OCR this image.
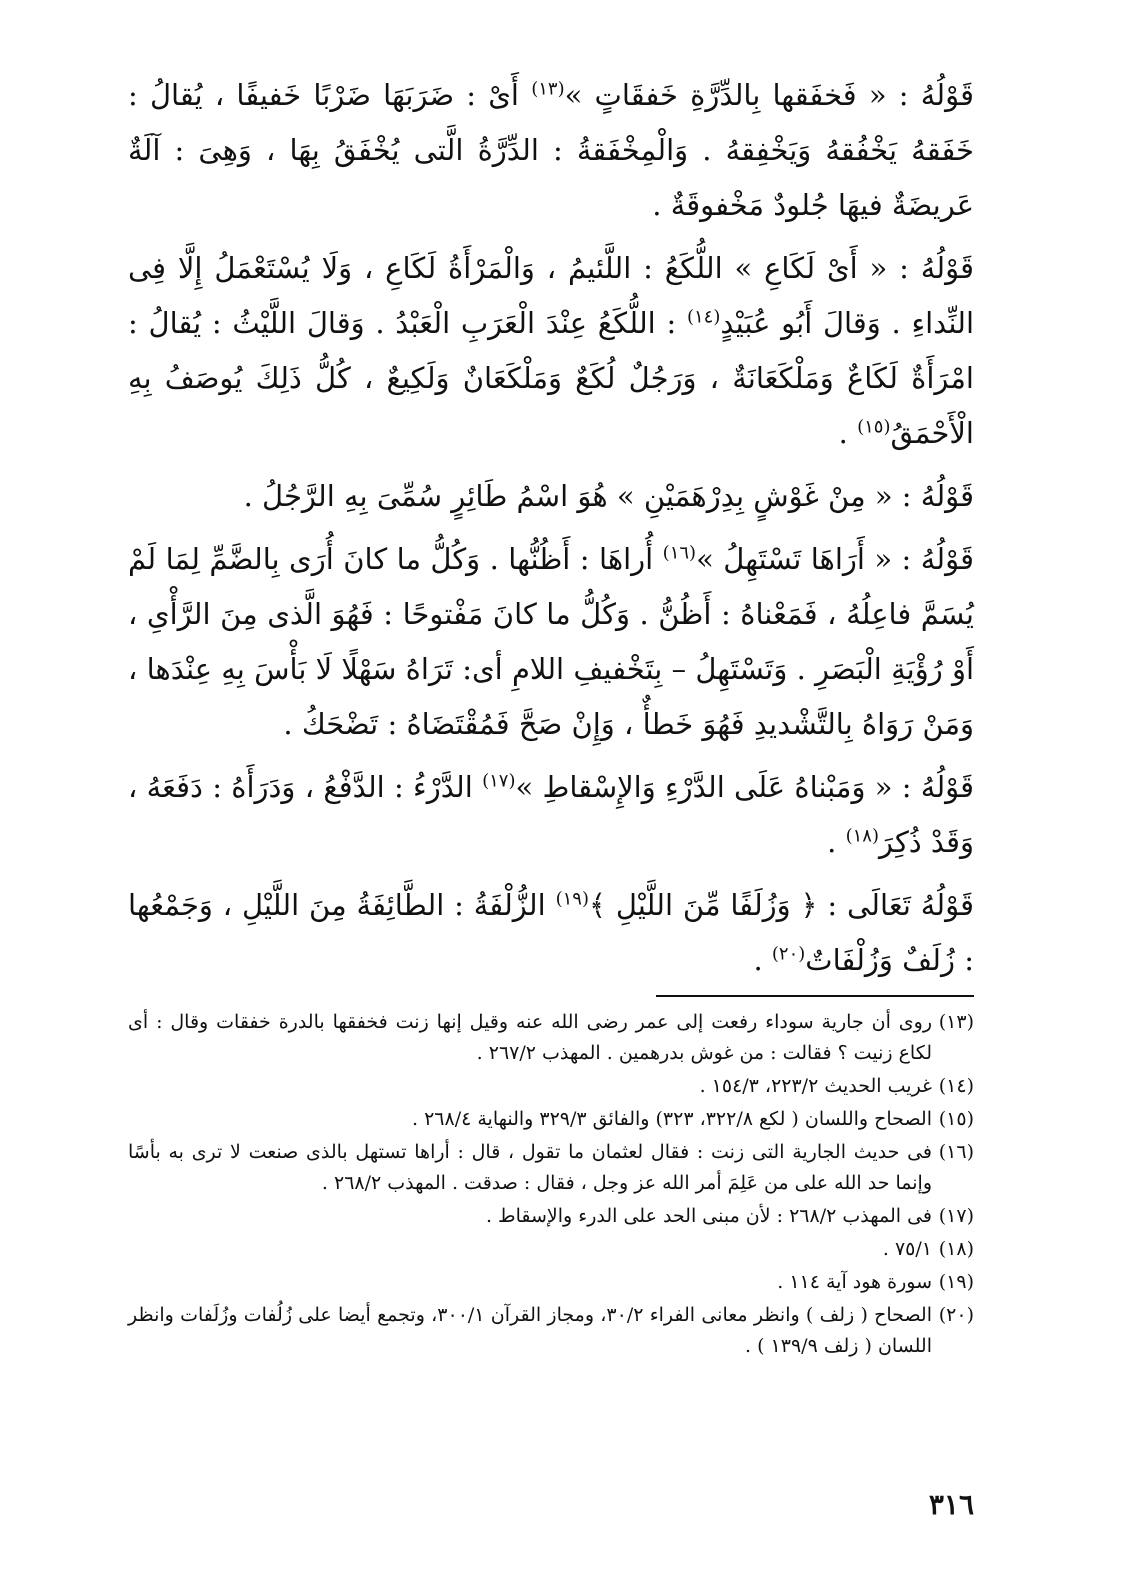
قَوْلُهُ : « فَخفَقها بِالدِّرَّةِ خَفقَاتٍ »$^{(١٣)}$ أَىْ : ضَرَبَهَا ضَرْبًا خَفيفًا ، يُقالُ : خَفَقهُ يَخْفُقهُ وَيَخْفِقهُ . وَالْمِخْفَقةُ : الدِّرَّةُ الَّتى يُخْفَقُ بِهَا ، وَهِىَ : آلَةٌ عَريضَةٌ فيهَا جُلودٌ مَخْفوقَةٌ .

قَوْلُهُ : « أَىْ لَكَاعِ » اللُّكَعُ : اللَّئيمُ ، وَالْمَرْأَةُ لَكَاعِ ، وَلَا يُسْتَعْمَلُ إِلَّا فِى النِّداءِ . وَقالَ أَبُو عُبَيْدٍ$^{(١٤)}$ : اللُّكَعُ عِنْدَ الْعَرَبِ الْعَبْدُ . وَقالَ اللَّيْثُ : يُقالُ : امْرَأَةٌ لَكَاعٌ وَمَلْكَعَانَةٌ ، وَرَجُلٌ لُكَعٌ وَمَلْكَعَانٌ وَلَكِيعٌ ، كُلُّ ذَلِكَ يُوصَفُ بِهِ الْأَحْمَقُ$^{(١٥)}$ .

قَوْلُهُ : « مِنْ غَوْشٍ بِدِرْهَمَيْنِ » هُوَ اسْمُ طَائِرٍ سُمِّىَ بِهِ الرَّجُلُ .

قَوْلُهُ : « أَرَاهَا تَسْتَهِلُ »$^{(١٦)}$ أُراهَا : أَظُنُّها . وَكُلُّ ما كانَ أُرَى بِالضَّمِّ لِمَا لَمْ يُسَمَّ فاعِلُهُ ، فَمَعْناهُ : أَظُنُّ . وَكُلُّ ما كانَ مَفْتوحًا : فَهُوَ الَّذى مِنَ الرَّأْىِ ، أَوْ رُؤْيَةِ الْبَصَرِ . وَتَسْتَهِلُ – بِتَخْفيفِ اللامِ أى: تَرَاهُ سَهْلًا لَا بَأْسَ بِهِ عِنْدَها ، وَمَنْ رَوَاهُ بِالتَّشْديدِ فَهُوَ خَطأٌ ، وَإِنْ صَحَّ فَمُقْتَضَاهُ : تَضْحَكُ .

قَوْلُهُ : « وَمَبْناهُ عَلَى الدَّرْءِ وَالإِسْقاطِ »$^{(١٧)}$ الدَّرْءُ : الدَّفْعُ ، وَدَرَأَهُ : دَفَعَهُ ، وَقَدْ ذُكِرَ$^{(١٨)}$ .

قَوْلُهُ تَعَالَى : ﴿ وَزُلَفًا مِّنَ اللَّيْلِ ﴾$^{(١٩)}$ الزُّلْفَةُ : الطَّائِفَةُ مِنَ اللَّيْلِ ، وَجَمْعُها : زُلَفٌ وَزُلْفَاتٌ$^{(٢٠)}$ .

(١٣)
روى أن جارية سوداء رفعت إلى عمر رضى الله عنه وقيل إنها زنت فخفقها بالدرة خفقات وقال : أى لكاع زنيت ؟ فقالت : من غوش بدرهمين . المهذب ٢٦٧/٢ .
(١٤)
غريب الحديث ٢٢٣/٢، ١٥٤/٣ .
(١٥)
الصحاح واللسان ( لكع ٣٢٢/٨، ٣٢٣) والفائق ٣٢٩/٣ والنهاية ٢٦٨/٤ .
(١٦)
فى حديث الجارية التى زنت : فقال لعثمان ما تقول ، قال : أراها تستهل بالذى صنعت لا ترى به بأسًا وإنما حد الله على من عَلِمَ أمر الله عز وجل ، فقال : صدقت . المهذب ٢٦٨/٢ .
(١٧)
فى المهذب ٢٦٨/٢ : لأن مبنى الحد على الدرء والإسقاط .
(١٨)
٧٥/١ .
(١٩)
سورة هود آية ١١٤ .
(٢٠)
الصحاح ( زلف ) وانظر معانى الفراء ٣٠/٢، ومجاز القرآن ٣٠٠/١، وتجمع أيضا على زُلُفات وزُلَفات وانظر اللسان ( زلف ١٣٩/٩ ) .
٣١٦
